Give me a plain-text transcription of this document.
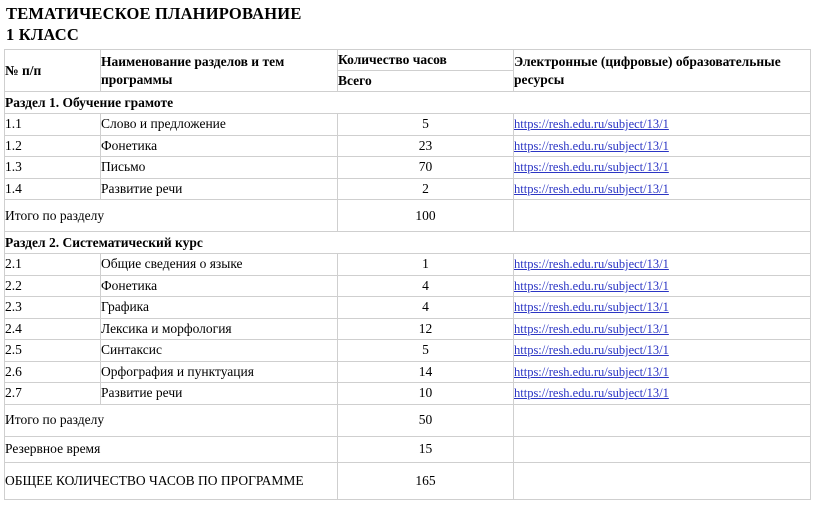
ТЕМАТИЧЕСКОЕ ПЛАНИРОВАНИЕ
1 КЛАСС
№ п/п	Наименование разделов и тем программы	Количество часов	Электронные (цифровые) образовательные ресурсы
		Всего	
Раздел 1. Обучение грамоте			
1.1	Слово и предложение	5	https://resh.edu.ru/subject/13/1
1.2	Фонетика	23	https://resh.edu.ru/subject/13/1
1.3	Письмо	70	https://resh.edu.ru/subject/13/1
1.4	Развитие речи	2	https://resh.edu.ru/subject/13/1
Итого по разделу		100	
Раздел 2. Систематический курс			
2.1	Общие сведения о языке	1	https://resh.edu.ru/subject/13/1
2.2	Фонетика	4	https://resh.edu.ru/subject/13/1
2.3	Графика	4	https://resh.edu.ru/subject/13/1
2.4	Лексика и морфология	12	https://resh.edu.ru/subject/13/1
2.5	Синтаксис	5	https://resh.edu.ru/subject/13/1
2.6	Орфография и пунктуация	14	https://resh.edu.ru/subject/13/1
2.7	Развитие речи	10	https://resh.edu.ru/subject/13/1
Итого по разделу		50	
Резервное время		15	
ОБЩЕЕ КОЛИЧЕСТВО ЧАСОВ ПО ПРОГРАММЕ		165	
